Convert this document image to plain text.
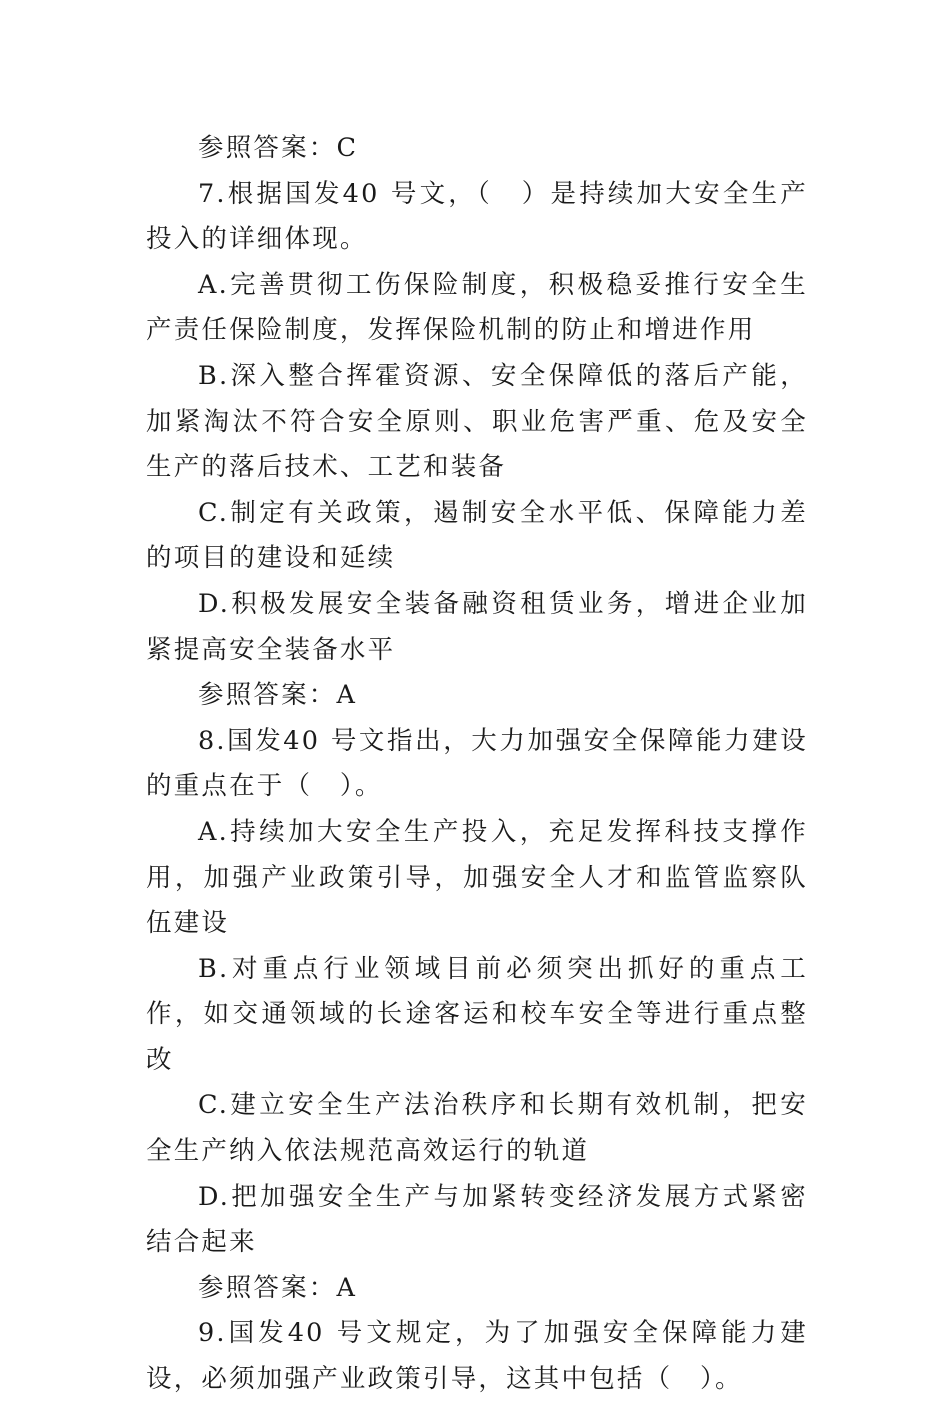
参照答案：C

7.根据国发40 号文，（　）是持续加大安全生产投入的详细体现。

A.完善贯彻工伤保险制度，积极稳妥推行安全生产责任保险制度，发挥保险机制的防止和增进作用

B.深入整合挥霍资源、安全保障低的落后产能，加紧淘汰不符合安全原则、职业危害严重、危及安全生产的落后技术、工艺和装备

C.制定有关政策，遏制安全水平低、保障能力差的项目的建设和延续

D.积极发展安全装备融资租赁业务，增进企业加紧提高安全装备水平

参照答案：A

8.国发40 号文指出，大力加强安全保障能力建设的重点在于（　）。

A.持续加大安全生产投入，充足发挥科技支撑作用，加强产业政策引导，加强安全人才和监管监察队伍建设

B.对重点行业领域目前必须突出抓好的重点工作，如交通领域的长途客运和校车安全等进行重点整改

C.建立安全生产法治秩序和长期有效机制，把安全生产纳入依法规范高效运行的轨道

D.把加强安全生产与加紧转变经济发展方式紧密结合起来

参照答案：A

9.国发40 号文规定，为了加强安全保障能力建设，必须加强产业政策引导，这其中包括（　）。
